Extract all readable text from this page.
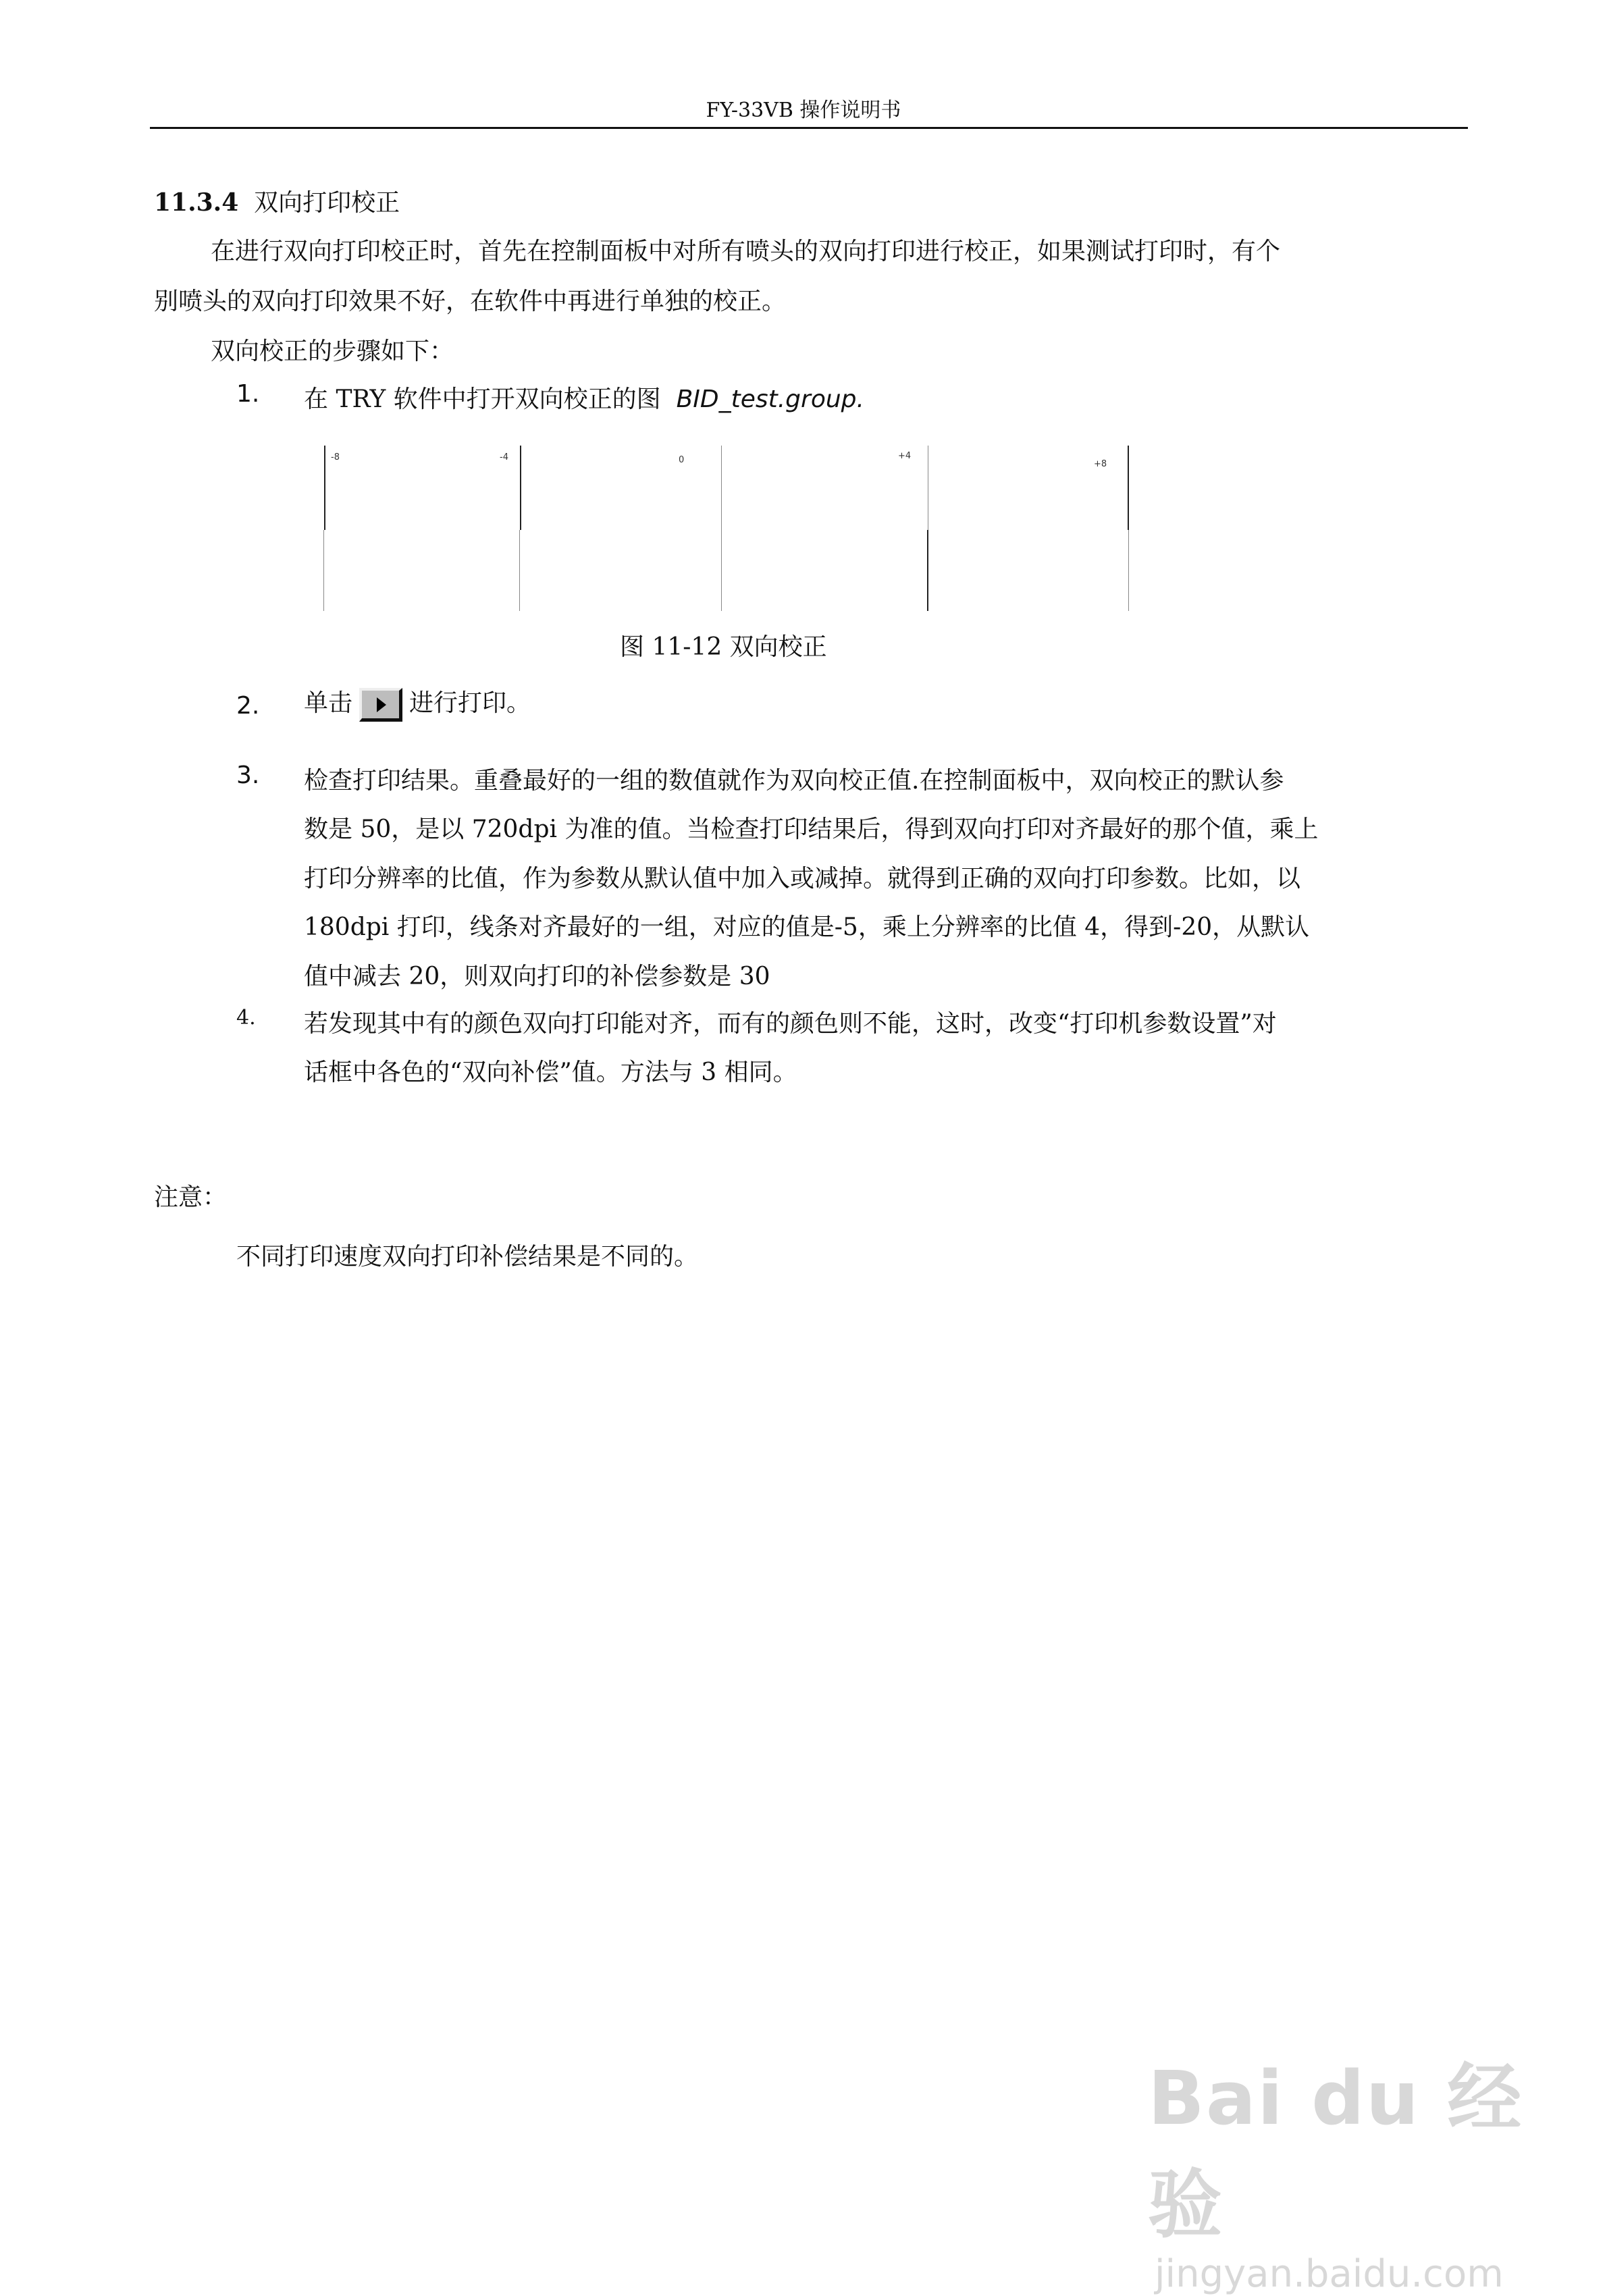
FY-33VB 操作说明书
11.3.4 双向打印校正
在进行双向打印校正时，首先在控制面板中对所有喷头的双向打印进行校正，如果测试打印时，有个
别喷头的双向打印效果不好，在软件中再进行单独的校正。
双向校正的步骤如下：
1. 在 TRY 软件中打开双向校正的图 BID_test.group.
-8	-4	0	+4
+8
图 11-12 双向校正
2. 单击 进行打印。
3. 检查打印结果。重叠最好的一组的数值就作为双向校正值.在控制面板中，双向校正的默认参
数是 50，是以 720dpi 为准的值。当检查打印结果后，得到双向打印对齐最好的那个值，乘上
打印分辨率的比值，作为参数从默认值中加入或减掉。就得到正确的双向打印参数。比如，以
180dpi 打印，线条对齐最好的一组，对应的值是-5，乘上分辨率的比值 4，得到-20，从默认
值中减去 20，则双向打印的补偿参数是 30
4. 若发现其中有的颜色双向打印能对齐，而有的颜色则不能，这时，改变“打印机参数设置”对
话框中各色的“双向补偿”值。方法与 3 相同。
注意：
不同打印速度双向打印补偿结果是不同的。
Bai du 经验
jingyan.baidu.com
